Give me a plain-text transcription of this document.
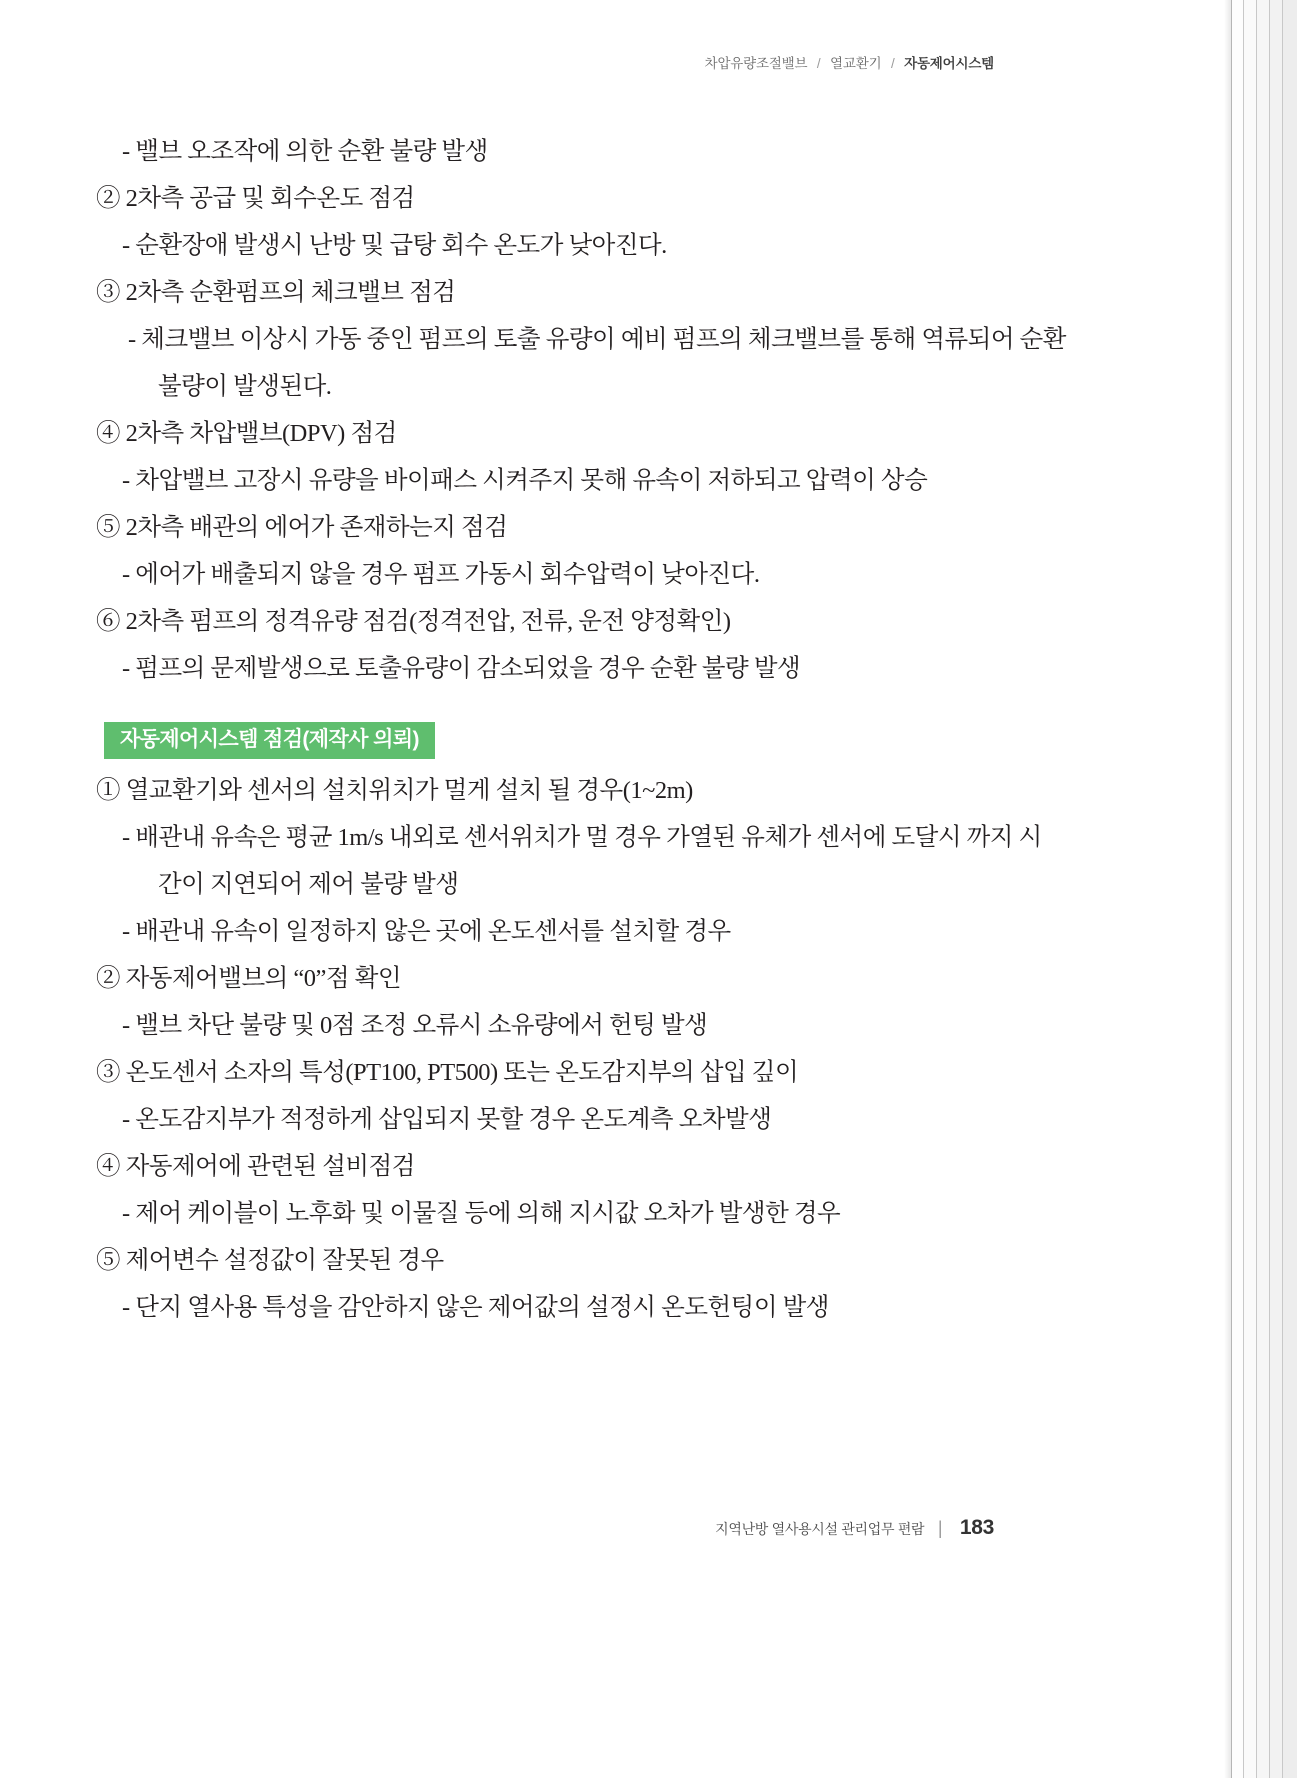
차압유량조절밸브 / 열교환기 / 자동제어시스템
- 밸브 오조작에 의한 순환 불량 발생
② 2차측 공급 및 회수온도 점검
- 순환장애 발생시 난방 및 급탕 회수 온도가 낮아진다.
③ 2차측 순환펌프의 체크밸브 점검
- 체크밸브 이상시 가동 중인 펌프의 토출 유량이 예비 펌프의 체크밸브를 통해 역류되어 순환
불량이 발생된다.
④ 2차측 차압밸브(DPV) 점검
- 차압밸브 고장시 유량을 바이패스 시켜주지 못해 유속이 저하되고 압력이 상승
⑤ 2차측 배관의 에어가 존재하는지 점검
- 에어가 배출되지 않을 경우 펌프 가동시 회수압력이 낮아진다.
⑥ 2차측 펌프의 정격유량 점검(정격전압, 전류, 운전 양정확인)
- 펌프의 문제발생으로 토출유량이 감소되었을 경우 순환 불량 발생
자동제어시스템 점검(제작사 의뢰)
① 열교환기와 센서의 설치위치가 멀게 설치 될 경우(1~2m)
- 배관내 유속은 평균 1m/s 내외로 센서위치가 멀 경우 가열된 유체가 센서에 도달시 까지 시
간이 지연되어 제어 불량 발생
- 배관내 유속이 일정하지 않은 곳에 온도센서를 설치할 경우
② 자동제어밸브의 “0”점 확인
- 밸브 차단 불량 및 0점 조정 오류시 소유량에서 헌팅 발생
③ 온도센서 소자의 특성(PT100, PT500) 또는 온도감지부의 삽입 깊이
- 온도감지부가 적정하게 삽입되지 못할 경우 온도계측 오차발생
④ 자동제어에 관련된 설비점검
- 제어 케이블이 노후화 및 이물질 등에 의해 지시값 오차가 발생한 경우
⑤ 제어변수 설정값이 잘못된 경우
- 단지 열사용 특성을 감안하지 않은 제어값의 설정시 온도헌팅이 발생
지역난방 열사용시설 관리업무 편람 | 183
